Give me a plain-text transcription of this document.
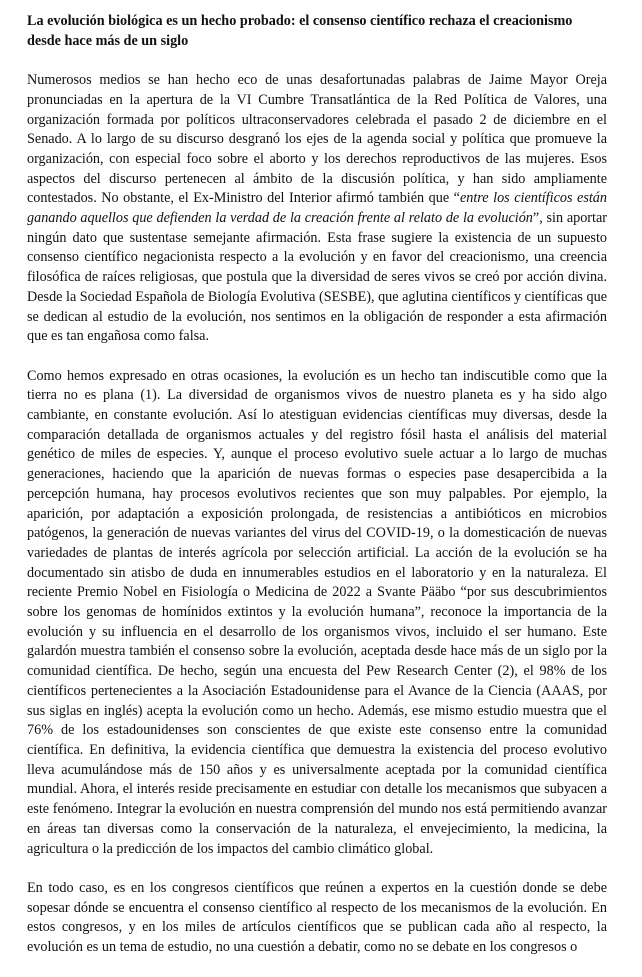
La evolución biológica es un hecho probado: el consenso científico rechaza el creacionismo desde hace más de un siglo

Numerosos medios se han hecho eco de unas desafortunadas palabras de Jaime Mayor Oreja pronunciadas en la apertura de la VI Cumbre Transatlántica de la Red Política de Valores, una organización formada por políticos ultraconservadores celebrada el pasado 2 de diciembre en el Senado. A lo largo de su discurso desgranó los ejes de la agenda social y política que promueve la organización, con especial foco sobre el aborto y los derechos reproductivos de las mujeres. Esos aspectos del discurso pertenecen al ámbito de la discusión política, y han sido ampliamente contestados. No obstante, el Ex-Ministro del Interior afirmó también que “entre los científicos están ganando aquellos que defienden la verdad de la creación frente al relato de la evolución”, sin aportar ningún dato que sustentase semejante afirmación. Esta frase sugiere la existencia de un supuesto consenso científico negacionista respecto a la evolución y en favor del creacionismo, una creencia filosófica de raíces religiosas, que postula que la diversidad de seres vivos se creó por acción divina. Desde la Sociedad Española de Biología Evolutiva (SESBE), que aglutina científicos y científicas que se dedican al estudio de la evolución, nos sentimos en la obligación de responder a esta afirmación que es tan engañosa como falsa.

Como hemos expresado en otras ocasiones, la evolución es un hecho tan indiscutible como que la tierra no es plana (1). La diversidad de organismos vivos de nuestro planeta es y ha sido algo cambiante, en constante evolución. Así lo atestiguan evidencias científicas muy diversas, desde la comparación detallada de organismos actuales y del registro fósil hasta el análisis del material genético de miles de especies. Y, aunque el proceso evolutivo suele actuar a lo largo de muchas generaciones, haciendo que la aparición de nuevas formas o especies pase desapercibida a la percepción humana, hay procesos evolutivos recientes que son muy palpables. Por ejemplo, la aparición, por adaptación a exposición prolongada, de resistencias a antibióticos en microbios patógenos, la generación de nuevas variantes del virus del COVID-19, o la domesticación de nuevas variedades de plantas de interés agrícola por selección artificial. La acción de la evolución se ha documentado sin atisbo de duda en innumerables estudios en el laboratorio y en la naturaleza. El reciente Premio Nobel en Fisiología o Medicina de 2022 a Svante Pääbo “por sus descubrimientos sobre los genomas de homínidos extintos y la evolución humana”, reconoce la importancia de la evolución y su influencia en el desarrollo de los organismos vivos, incluido el ser humano. Este galardón muestra también el consenso sobre la evolución, aceptada desde hace más de un siglo por la comunidad científica. De hecho, según una encuesta del Pew Research Center (2), el 98% de los científicos pertenecientes a la Asociación Estadounidense para el Avance de la Ciencia (AAAS, por sus siglas en inglés) acepta la evolución como un hecho. Además, ese mismo estudio muestra que el 76% de los estadounidenses son conscientes de que existe este consenso entre la comunidad científica. En definitiva, la evidencia científica que demuestra la existencia del proceso evolutivo lleva acumulándose más de 150 años y es universalmente aceptada por la comunidad científica mundial. Ahora, el interés reside precisamente en estudiar con detalle los mecanismos que subyacen a este fenómeno. Integrar la evolución en nuestra comprensión del mundo nos está permitiendo avanzar en áreas tan diversas como la conservación de la naturaleza, el envejecimiento, la medicina, la agricultura o la predicción de los impactos del cambio climático global.

En todo caso, es en los congresos científicos que reúnen a expertos en la cuestión donde se debe sopesar dónde se encuentra el consenso científico al respecto de los mecanismos de la evolución. En estos congresos, y en los miles de artículos científicos que se publican cada año al respecto, la evolución es un tema de estudio, no una cuestión a debatir, como no se debate en los congresos o
